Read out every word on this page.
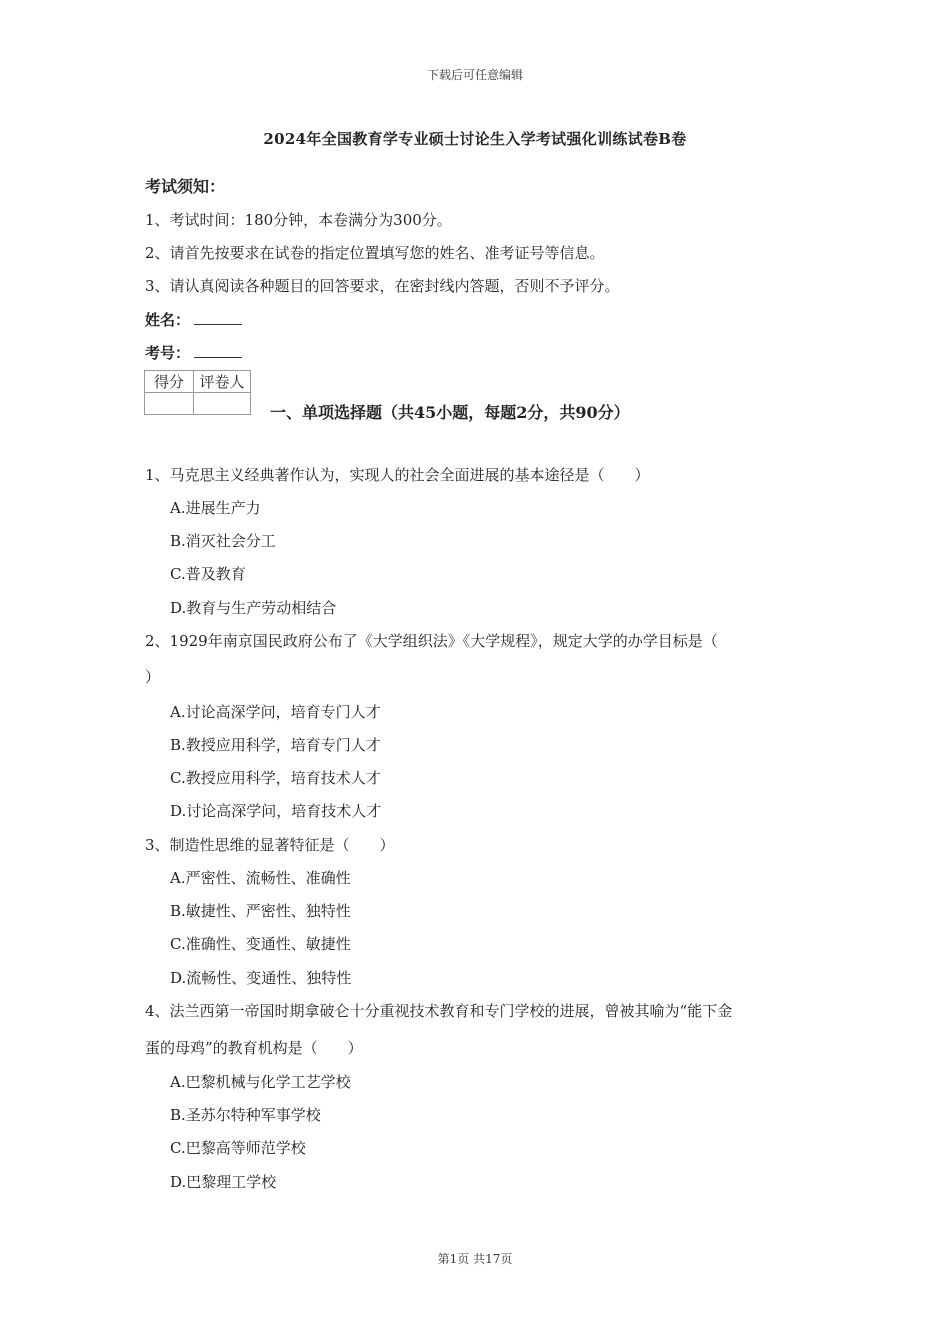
下载后可任意编辑
2024年全国教育学专业硕士讨论生入学考试强化训练试卷B卷
考试须知：
1、考试时间：180分钟，本卷满分为300分。
2、请首先按要求在试卷的指定位置填写您的姓名、准考证号等信息。
3、请认真阅读各种题目的回答要求，在密封线内答题，否则不予评分。
姓名：
考号：
得分	评卷人

一、单项选择题（共45小题，每题2分，共90分）
1、马克思主义经典著作认为，实现人的社会全面进展的基本途径是（　　）
A.进展生产力
B.消灭社会分工
C.普及教育
D.教育与生产劳动相结合
2、1929年南京国民政府公布了《大学组织法》《大学规程》，规定大学的办学目标是（
）
A.讨论高深学问，培育专门人才
B.教授应用科学，培育专门人才
C.教授应用科学，培育技术人才
D.讨论高深学问，培育技术人才
3、制造性思维的显著特征是（　　）
A.严密性、流畅性、准确性
B.敏捷性、严密性、独特性
C.准确性、变通性、敏捷性
D.流畅性、变通性、独特性
4、法兰西第一帝国时期拿破仑十分重视技术教育和专门学校的进展，曾被其喻为“能下金
蛋的母鸡”的教育机构是（　　）
A.巴黎机械与化学工艺学校
B.圣苏尔特种军事学校
C.巴黎高等师范学校
D.巴黎理工学校
第1页 共17页
